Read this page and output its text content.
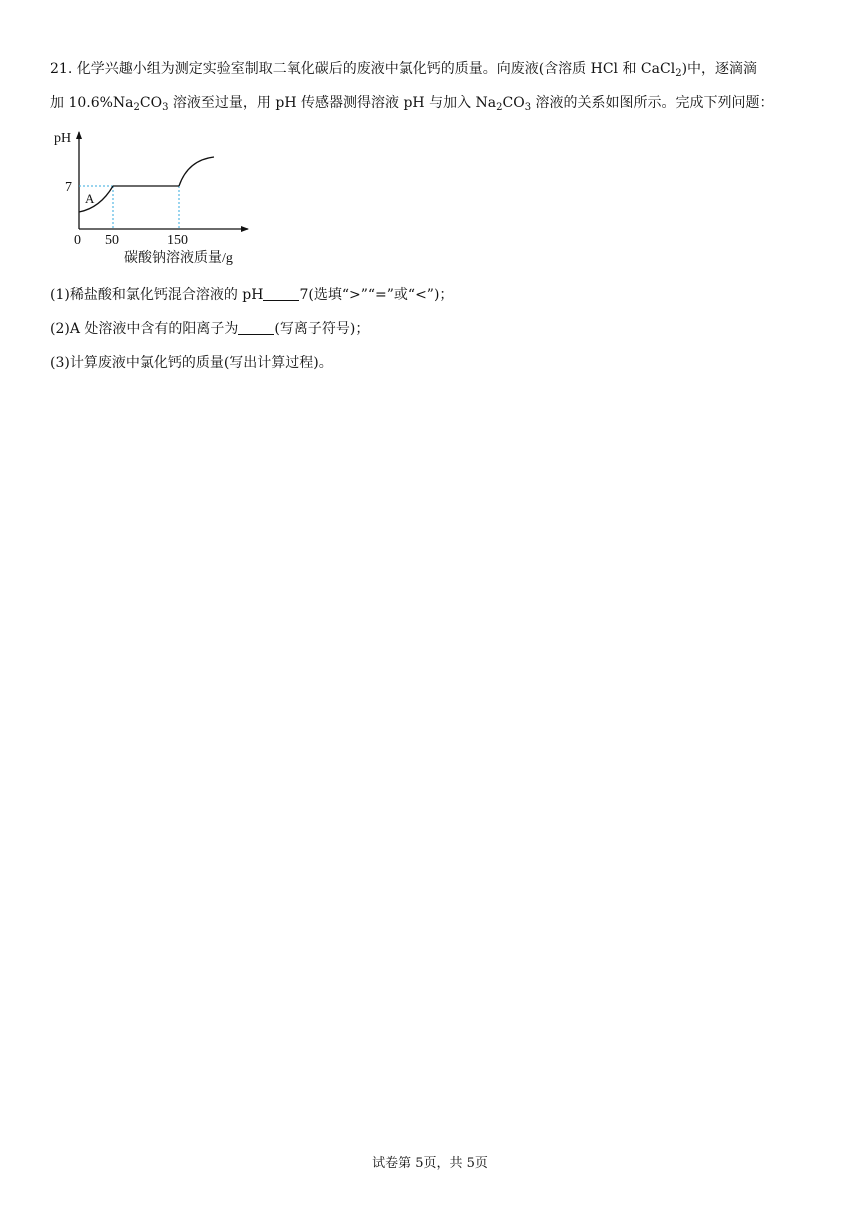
21. 化学兴趣小组为测定实验室制取二氧化碳后的废液中氯化钙的质量。向废液(含溶质 HCl 和 CaCl$_2$)中，逐滴滴
加 $10.6\%Na_2CO_3$ 溶液至过量，用 pH 传感器测得溶液 pH 与加入 $Na_2CO_3$ 溶液的关系如图所示。完成下列问题：
pH
7
A
0 50	150
碳酸钠溶液质量/g
(1)稀盐酸和氯化钙混合溶液的 pH	7(选填“>”“=”或“<”)；
(2)A 处溶液中含有的阳离子为	(写离子符号)；
(3)计算废液中氯化钙的质量(写出计算过程)。
试卷第 5页，共 5页
